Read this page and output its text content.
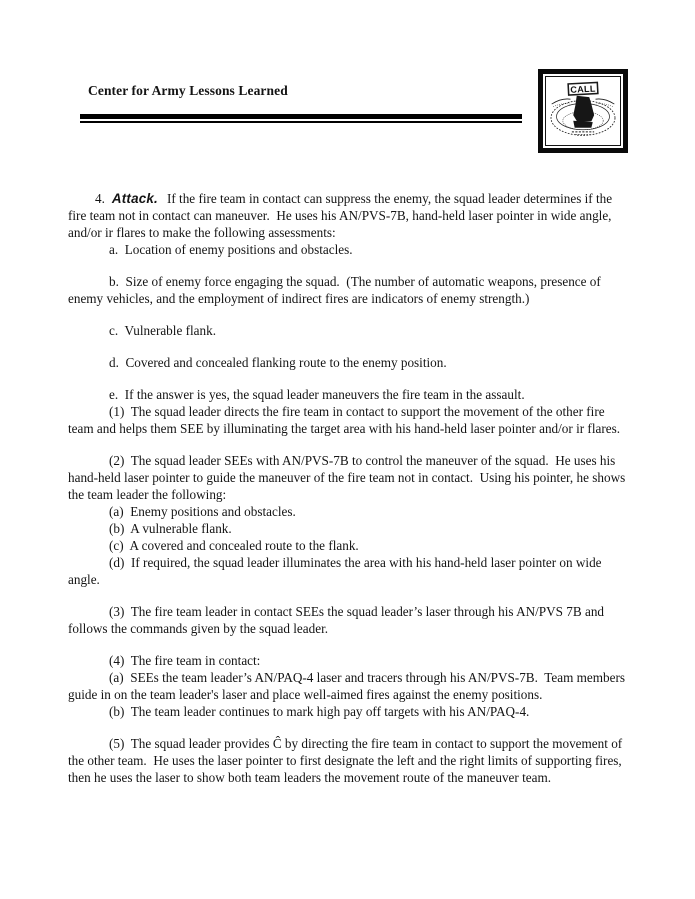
Center for Army Lessons Learned	CALL

4. Attack. If the fire team in contact can suppress the enemy, the squad leader determines if the fire team not in contact can maneuver.  He uses his AN/PVS-7B, hand-held laser pointer in wide angle, and/or ir flares to make the following assessments:

a.  Location of enemy positions and obstacles.

b.  Size of enemy force engaging the squad.  (The number of automatic weapons, presence of enemy vehicles, and the employment of indirect fires are indicators of enemy strength.)

c.  Vulnerable flank.

d.  Covered and concealed flanking route to the enemy position.

e.  If the answer is yes, the squad leader maneuvers the fire team in the assault.

(1)  The squad leader directs the fire team in contact to support the movement of the other fire team and helps them SEE by illuminating the target area with his hand-held laser pointer and/or ir flares.

(2)  The squad leader SEEs with AN/PVS-7B to control the maneuver of the squad.  He uses his hand-held laser pointer to guide the maneuver of the fire team not in contact.  Using his pointer, he shows the team leader the following:

(a)  Enemy positions and obstacles.

(b)  A vulnerable flank.

(c)  A covered and concealed route to the flank.

(d)  If required, the squad leader illuminates the area with his hand-held laser pointer on wide angle.

(3)  The fire team leader in contact SEEs the squad leader’s laser through his AN/PVS 7B and follows the commands given by the squad leader.

(4)  The fire team in contact:

(a)  SEEs the team leader’s AN/PAQ-4 laser and tracers through his AN/PVS-7B.  Team members guide in on the team leader's laser and place well-aimed fires against the enemy positions.

(b)  The team leader continues to mark high pay off targets with his AN/PAQ-4.

(5)  The squad leader provides Ĉ by directing the fire team in contact to support the movement of the other team.  He uses the laser pointer to first designate the left and the right limits of supporting fires, then he uses the laser to show both team leaders the movement route of the maneuver team.
